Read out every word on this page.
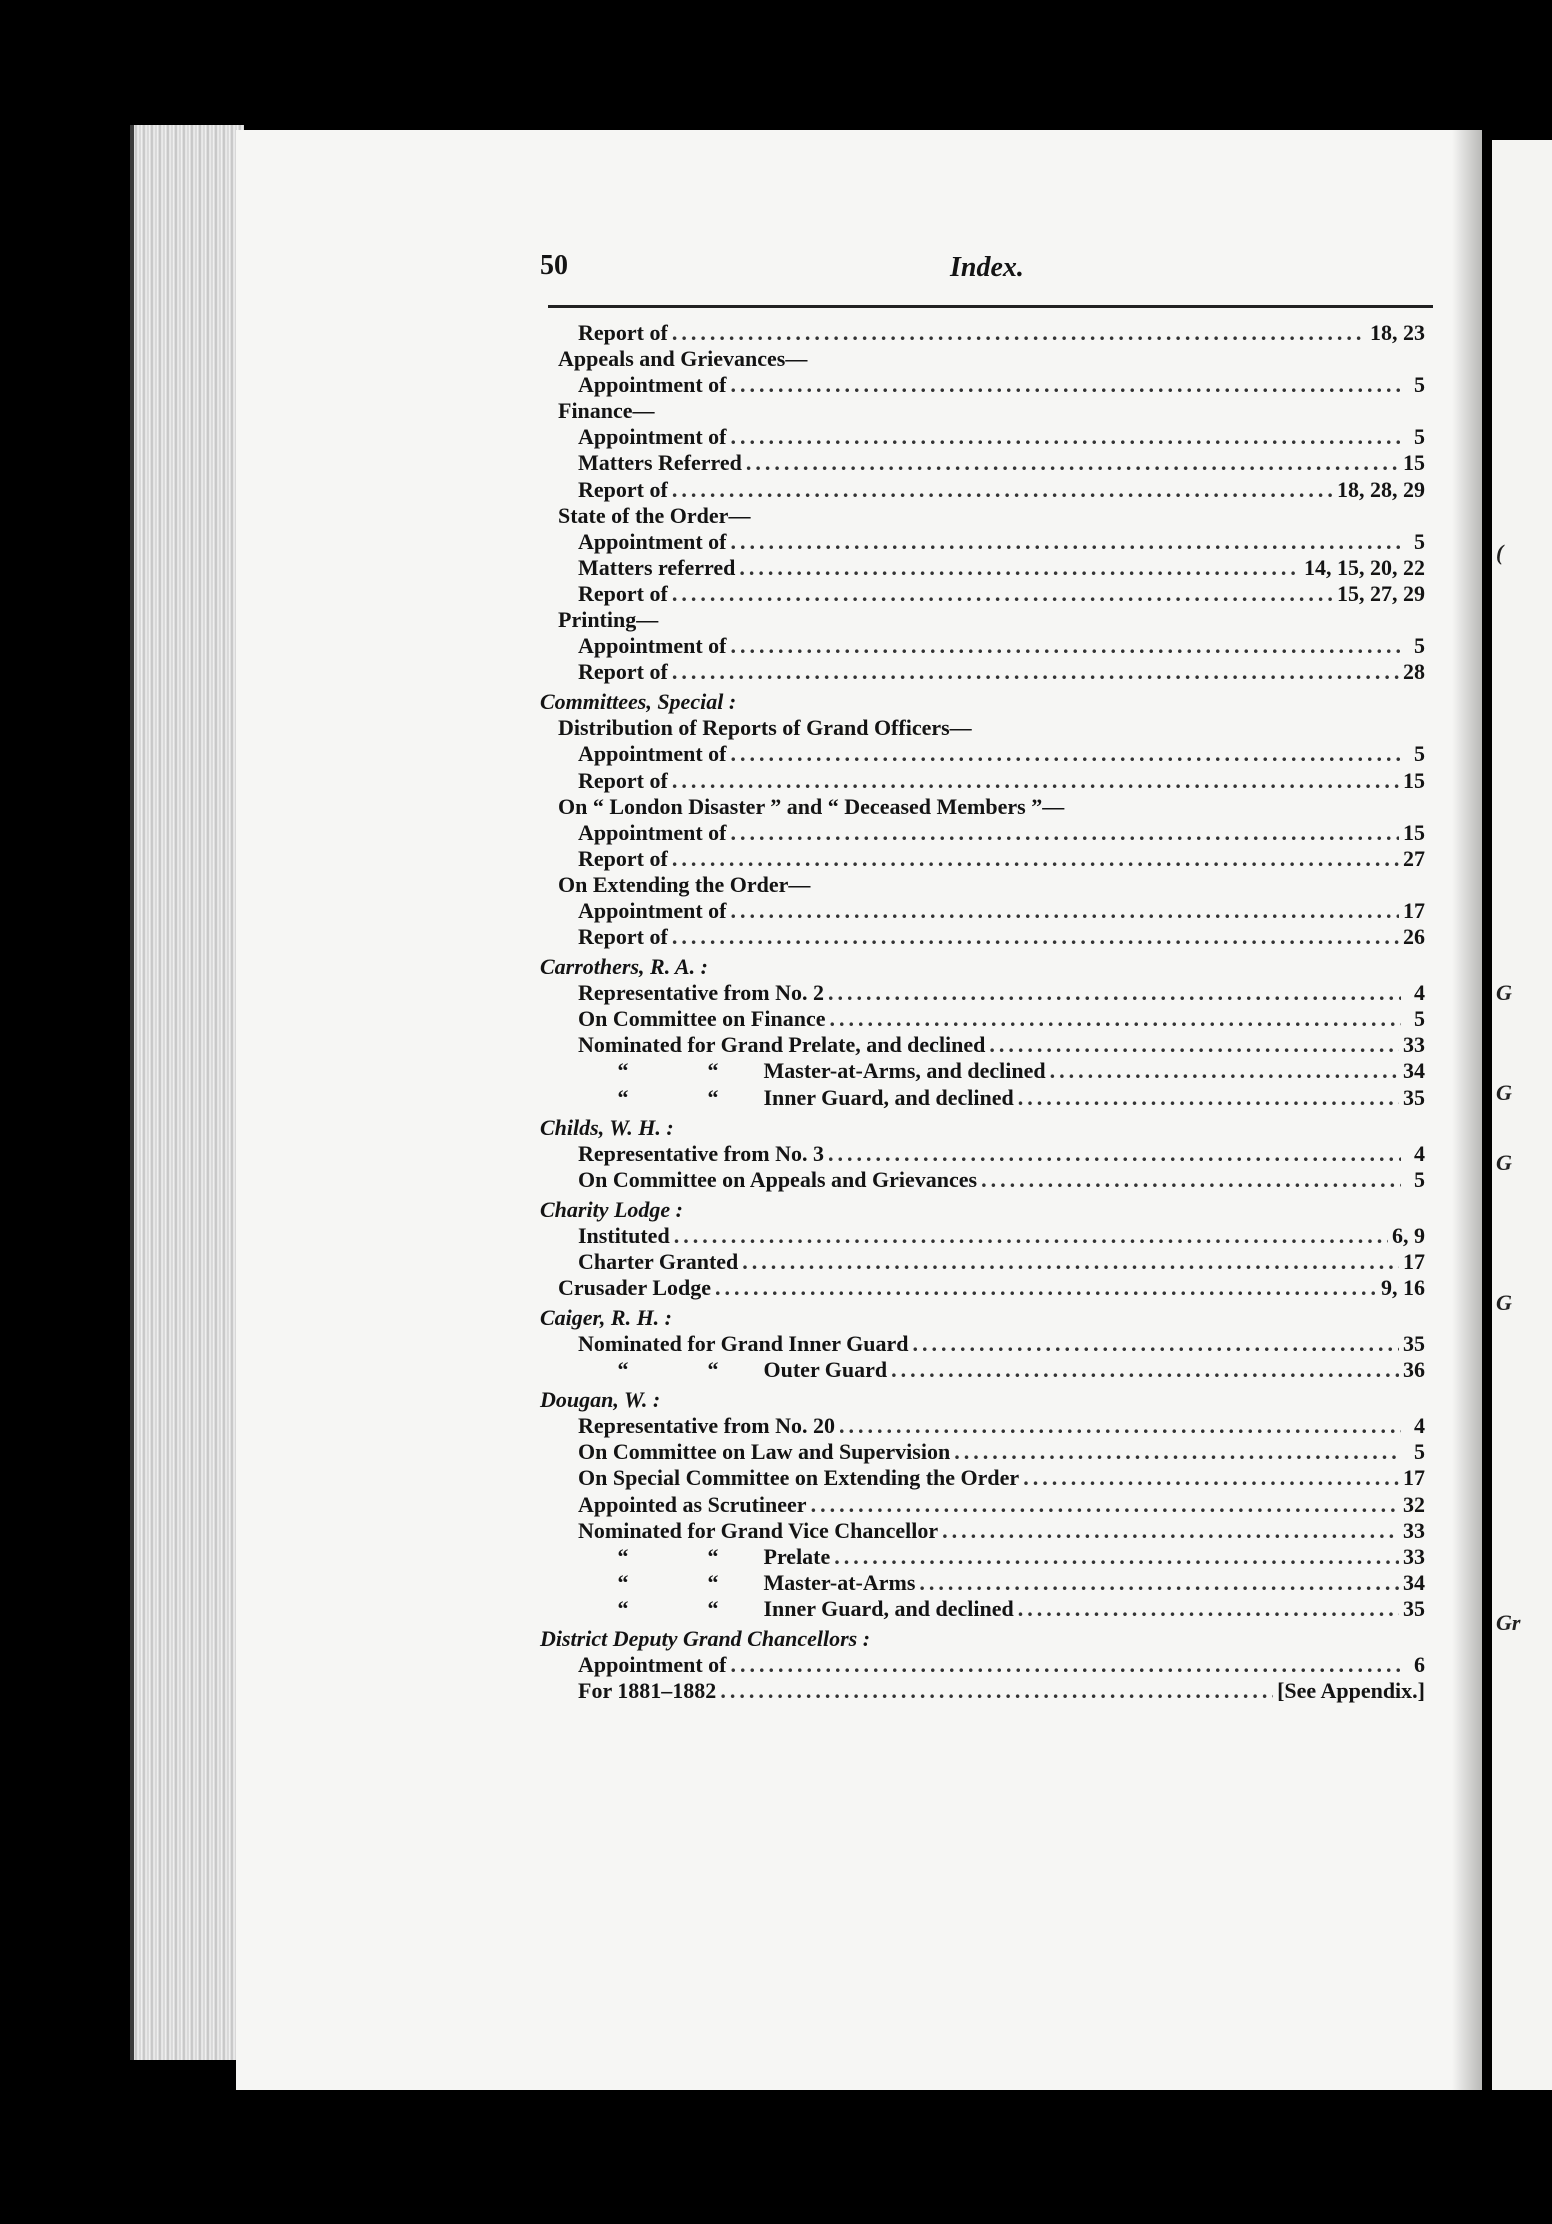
(
G
G
G
G
Gr
50	Index.
Report of .....	18, 23
Appeals and Grievances—
Appointment of .....	5
Finance—
Appointment of .....	5
Matters Referred .....	15
Report of .....	18, 28, 29
State of the Order—
Appointment of .....	5
Matters referred .....	14, 15, 20, 22
Report of .....	15, 27, 29
Printing—
Appointment of .....	5
Report of .....	28
Committees, Special :
Distribution of Reports of Grand Officers—
Appointment of .....	5
Report of .....	15
On “ London Disaster ” and “ Deceased Members ”—
Appointment of .....	15
Report of .....	27
On Extending the Order—
Appointment of .....	17
Report of .....	26
Carrothers, R. A. :
Representative from No. 2 .....	4
On Committee on Finance .....	5
Nominated for Grand Prelate, and declined .....	33
“	“ Master-at-Arms, and declined .....	34
“	“ Inner Guard, and declined .....	35
Childs, W. H. :
Representative from No. 3 .....	4
On Committee on Appeals and Grievances .....	5
Charity Lodge :
Instituted .....	6, 9
Charter Granted .....	17
Crusader Lodge .....	9, 16
Caiger, R. H. :
Nominated for Grand Inner Guard .....	35
“	“ Outer Guard .....	36
Dougan, W. :
Representative from No. 20 .....	4
On Committee on Law and Supervision .....	5
On Special Committee on Extending the Order .....	17
Appointed as Scrutineer .....	32
Nominated for Grand Vice Chancellor .....	33
“	“ Prelate .....	33
“	“ Master-at-Arms .....	34
“	“ Inner Guard, and declined .....	35
District Deputy Grand Chancellors :
Appointment of .....	6
For 1881–1882 .....	[See Appendix.]
